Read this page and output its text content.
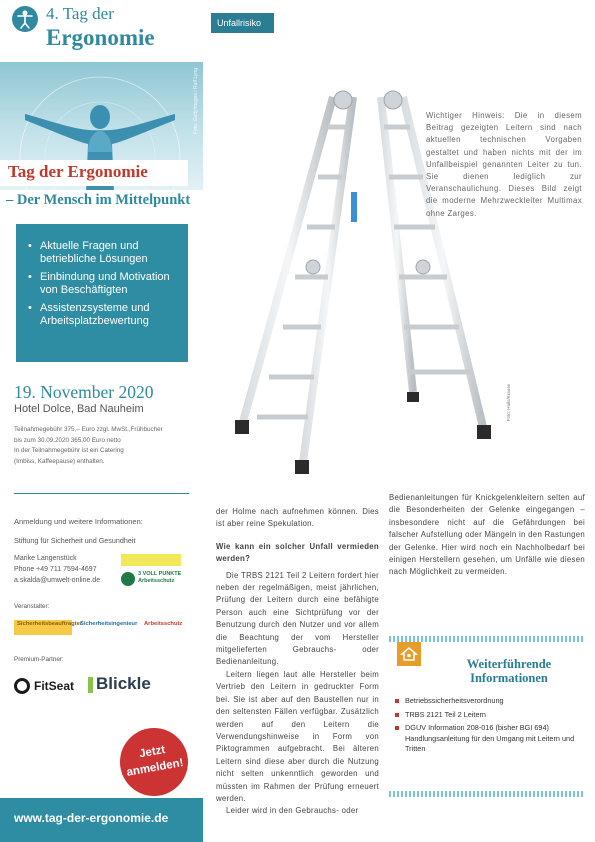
4. Tag der
Ergonomie
Foto: GettyImages / Ralf Lyng
Tag der Ergonomie
– Der Mensch im Mittelpunkt
• Aktuelle Fragen und betriebliche Lösungen
• Einbindung und Motivation von Beschäftigten
• Assistenzsysteme und Arbeitsplatzbewertung
19. November 2020
Hotel Dolce, Bad Nauheim
Teilnahmegebühr 375,– Euro zzgl. MwSt.,Frühbucher
bis zum 30.09.2020 365,00 Euro netto
In der Teilnahmegebühr ist ein Catering
(Imbiss, Kaffeepause) enthalten.
Anmeldung und weitere Informationen:
Stiftung für Sicherheit und Gesundheit
Marike Langenstück
Phone +49 711 7594-4697
a.skalda@umwelt-online.de
3 VOLL PUNKTE Arbeitsschutz
Veranstalter:
Sicherheitsbeauftragter
Sicherheitsingenieur	Arbeitsschutz
Premium-Partner:
FitSeat Blickle
Jetzt
anmelden!
www.tag-der-ergonomie.de
Unfallrisiko
Foto: Hailo/Krause

Wichtiger Hinweis: Die in diesem Beitrag gezeigten Leitern sind nach aktuellen technischen Vorgaben gestaltet und haben nichts mit der im Unfallbeispiel genannten Leiter zu tun. Sie dienen lediglich zur Veranschaulichung. Dieses Bild zeigt die moderne Mehrzweckleiter Multimax ohne Zarges.

der Holme nach aufnehmen können. Dies ist aber reine Spekulation.

Wie kann ein solcher Unfall vermieden werden?

Die TRBS 2121 Teil 2 Leitern fordert hier neben der regelmäßigen, meist jährlichen, Prüfung der Leitern durch eine befähigte Person auch eine Sichtprüfung vor der Benutzung durch den Nutzer und vor allem die Beachtung der vom Hersteller mitgelieferten Gebrauchs- oder Bedienanleitung.

Leitern liegen laut alle Hersteller beim Vertrieb den Leitern in gedruckter Form bei. Sie ist aber auf den Baustellen nur in den seltensten Fällen verfügbar. Zusätzlich werden auf den Leitern die Verwendungshinweise in Form von Piktogrammen aufgebracht. Bei älteren Leitern sind diese aber durch die Nutzung nicht selten unkenntlich geworden und müssten im Rahmen der Prüfung erneuert werden.

Leider wird in den Gebrauchs- oder

Bedienanleitungen für Knickgelenkleitern selten auf die Besonderheiten der Gelenke eingegangen – insbesondere nicht auf die Gefährdungen bei falscher Aufstellung oder Mängeln in den Rastungen der Gelenke. Hier wird noch ein Nachholbedarf bei einigen Herstellern gesehen, um Unfälle wie diesen nach Möglichkeit zu vermeiden.

Weiterführende Informationen
Betriebssicherheitsverordnung
TRBS 2121 Teil 2 Leitern
DGUV Information 208-016 (bisher BGI 694) Handlungsanleitung für den Umgang mit Leitern und Tritten
